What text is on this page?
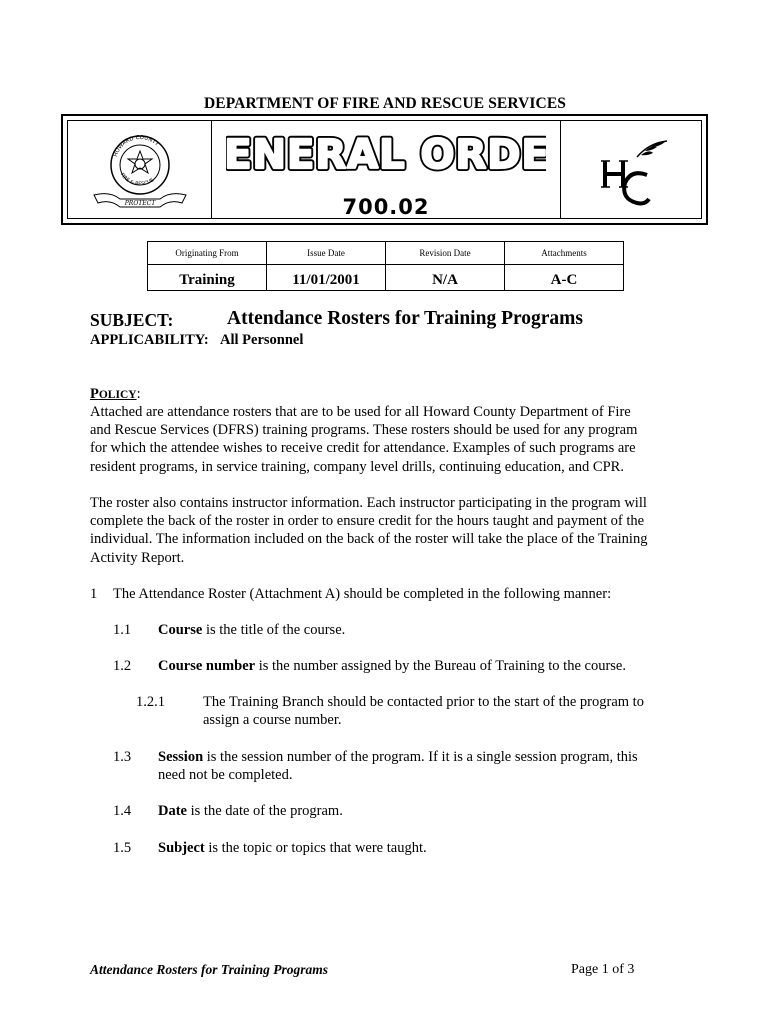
DEPARTMENT OF FIRE AND RESCUE SERVICES
HOWARD COUNTY
FIRE & RESCUE
PROTECT
ENERAL ORDE
ENERAL ORDE
700.02
Originating From	Issue Date	Revision Date	Attachments
Training	11/01/2001	N/A	A-C
SUBJECT:	Attendance Rosters for Training Programs
APPLICABILITY: All Personnel
POLICY:
Attached are attendance rosters that are to be used for all Howard County Department of Fire
and Rescue Services (DFRS) training programs. These rosters should be used for any program
for which the attendee wishes to receive credit for attendance. Examples of such programs are
resident programs, in service training, company level drills, continuing education, and CPR.
The roster also contains instructor information. Each instructor participating in the program will
complete the back of the roster in order to ensure credit for the hours taught and payment of the
individual. The information included on the back of the roster will take the place of the Training
Activity Report.
1 The Attendance Roster (Attachment A) should be completed in the following manner:
1.1 Course is the title of the course.
1.2 Course number is the number assigned by the Bureau of Training to the course.
1.2.1	The Training Branch should be contacted prior to the start of the program to
assign a course number.
1.3 Session is the session number of the program. If it is a single session program, this
need not be completed.
1.4 Date is the date of the program.
1.5 Subject is the topic or topics that were taught.
Attendance Rosters for Training Programs	Page 1 of 3
